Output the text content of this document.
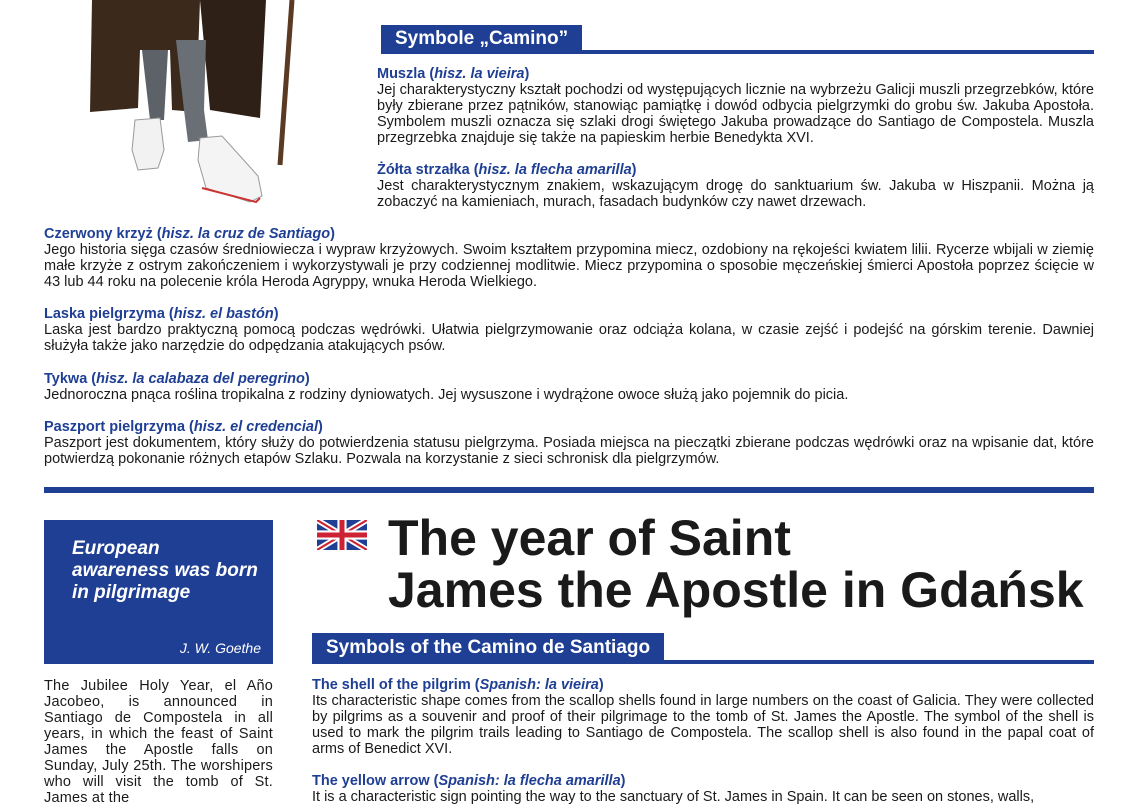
Symbole „Camino”
Muszla (hisz. la vieira)

Jej charakterystyczny kształt pochodzi od występujących licznie na wybrzeżu Galicji muszli przegrzebków, które były zbierane przez pątników, stanowiąc pamiątkę i dowód odbycia pielgrzymki do grobu św. Jakuba Apostoła. Symbolem muszli oznacza się szlaki drogi świętego Jakuba prowadzące do Santiago de Compostela. Muszla przegrzebka znajduje się także na papieskim herbie Benedykta XVI.

Żółta strzałka (hisz. la flecha amarilla)

Jest charakterystycznym znakiem, wskazującym drogę do sanktuarium św. Jakuba w Hiszpanii. Można ją zobaczyć na kamieniach, murach, fasadach budynków czy nawet drzewach.

Czerwony krzyż (hisz. la cruz de Santiago)

Jego historia sięga czasów średniowiecza i wypraw krzyżowych. Swoim kształtem przypomina miecz, ozdobiony na rękojeści kwiatem lilii. Rycerze wbijali w ziemię małe krzyże z ostrym zakończeniem i wykorzystywali je przy codziennej modlitwie. Miecz przypomina o sposobie męczeńskiej śmierci Apostoła poprzez ścięcie w 43 lub 44 roku na polecenie króla Heroda Agryppy, wnuka Heroda Wielkiego.

Laska pielgrzyma (hisz. el bastón)

Laska jest bardzo praktyczną pomocą podczas wędrówki. Ułatwia pielgrzymowanie oraz odciąża kolana, w czasie zejść i podejść na górskim terenie. Dawniej służyła także jako narzędzie do odpędzania atakujących psów.

Tykwa (hisz. la calabaza del peregrino)

Jednoroczna pnąca roślina tropikalna z rodziny dyniowatych. Jej wysuszone i wydrążone owoce służą jako pojemnik do picia.

Paszport pielgrzyma (hisz. el credencial)

Paszport jest dokumentem, który służy do potwierdzenia statusu pielgrzyma. Posiada miejsca na pieczątki zbierane podczas wędrówki oraz na wpisanie dat, które potwierdzą pokonanie różnych etapów Szlaku. Pozwala na korzystanie z sieci schronisk dla pielgrzymów.

European awareness was born in pilgrimage
J. W. Goethe
The Jubilee Holy Year, el Año Jacobeo, is announced in Santiago de Compostela in all years, in which the feast of Saint James the Apostle falls on Sunday, July 25th. The worshipers who will visit the tomb of St. James at the
The year of Saint
James the Apostle in Gdańsk
Symbols of the Camino de Santiago
The shell of the pilgrim (Spanish: la vieira)

Its characteristic shape comes from the scallop shells found in large numbers on the coast of Galicia. They were collected by pilgrims as a souvenir and proof of their pilgrimage to the tomb of St. James the Apostle. The symbol of the shell is used to mark the pilgrim trails leading to Santiago de Compostela. The scallop shell is also found in the papal coat of arms of Benedict XVI.

The yellow arrow (Spanish: la flecha amarilla)

It is a characteristic sign pointing the way to the sanctuary of St. James in Spain. It can be seen on stones, walls,
